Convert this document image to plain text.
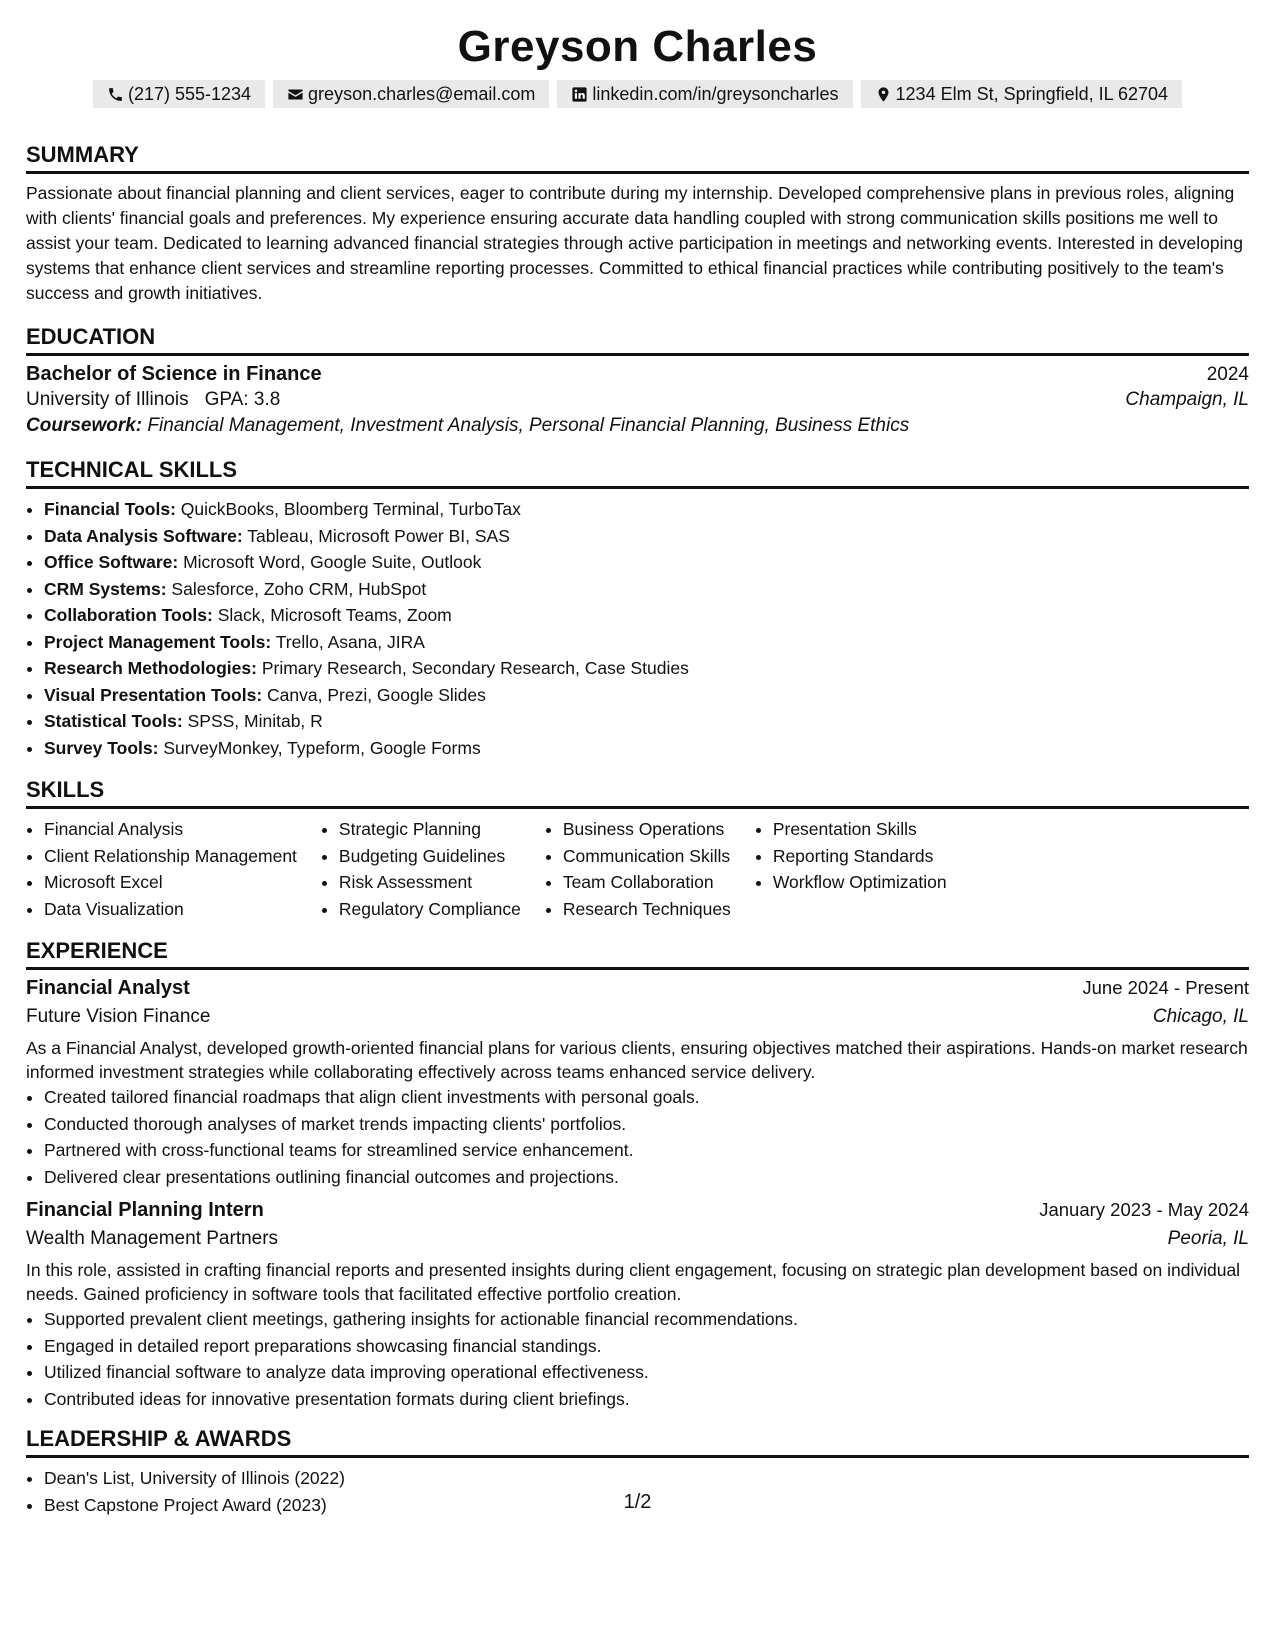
Greyson Charles
(217) 555-1234	greyson.charles@email.com	linkedin.com/in/greysoncharles	1234 Elm St, Springfield, IL 62704
SUMMARY

Passionate about financial planning and client services, eager to contribute during my internship. Developed comprehensive plans in previous roles, aligning with clients' financial goals and preferences. My experience ensuring accurate data handling coupled with strong communication skills positions me well to assist your team. Dedicated to learning advanced financial strategies through active participation in meetings and networking events. Interested in developing systems that enhance client services and streamline reporting processes. Committed to ethical financial practices while contributing positively to the team's success and growth initiatives.

EDUCATION
Bachelor of Science in Finance	2024
University of Illinois GPA: 3.8	Champaign, IL
Coursework: Financial Management, Investment Analysis, Personal Financial Planning, Business Ethics
TECHNICAL SKILLS
• Financial Tools: QuickBooks, Bloomberg Terminal, TurboTax
• Data Analysis Software: Tableau, Microsoft Power BI, SAS
• Office Software: Microsoft Word, Google Suite, Outlook
• CRM Systems: Salesforce, Zoho CRM, HubSpot
• Collaboration Tools: Slack, Microsoft Teams, Zoom
• Project Management Tools: Trello, Asana, JIRA
• Research Methodologies: Primary Research, Secondary Research, Case Studies
• Visual Presentation Tools: Canva, Prezi, Google Slides
• Statistical Tools: SPSS, Minitab, R
• Survey Tools: SurveyMonkey, Typeform, Google Forms
SKILLS
• Financial Analysis
• Client Relationship Management
• Microsoft Excel
• Data Visualization
• Strategic Planning
• Budgeting Guidelines
• Risk Assessment
• Regulatory Compliance
• Business Operations
• Communication Skills
• Team Collaboration
• Research Techniques
• Presentation Skills
• Reporting Standards
• Workflow Optimization
EXPERIENCE
Financial Analyst	June 2024 - Present
Future Vision Finance	Chicago, IL

As a Financial Analyst, developed growth-oriented financial plans for various clients, ensuring objectives matched their aspirations. Hands-on market research informed investment strategies while collaborating effectively across teams enhanced service delivery.

• Created tailored financial roadmaps that align client investments with personal goals.
• Conducted thorough analyses of market trends impacting clients' portfolios.
• Partnered with cross-functional teams for streamlined service enhancement.
• Delivered clear presentations outlining financial outcomes and projections.
Financial Planning Intern	January 2023 - May 2024
Wealth Management Partners	Peoria, IL

In this role, assisted in crafting financial reports and presented insights during client engagement, focusing on strategic plan development based on individual needs. Gained proficiency in software tools that facilitated effective portfolio creation.

• Supported prevalent client meetings, gathering insights for actionable financial recommendations.
• Engaged in detailed report preparations showcasing financial standings.
• Utilized financial software to analyze data improving operational effectiveness.
• Contributed ideas for innovative presentation formats during client briefings.
LEADERSHIP & AWARDS
• Dean's List, University of Illinois (2022)
• Best Capstone Project Award (2023)	1/2
